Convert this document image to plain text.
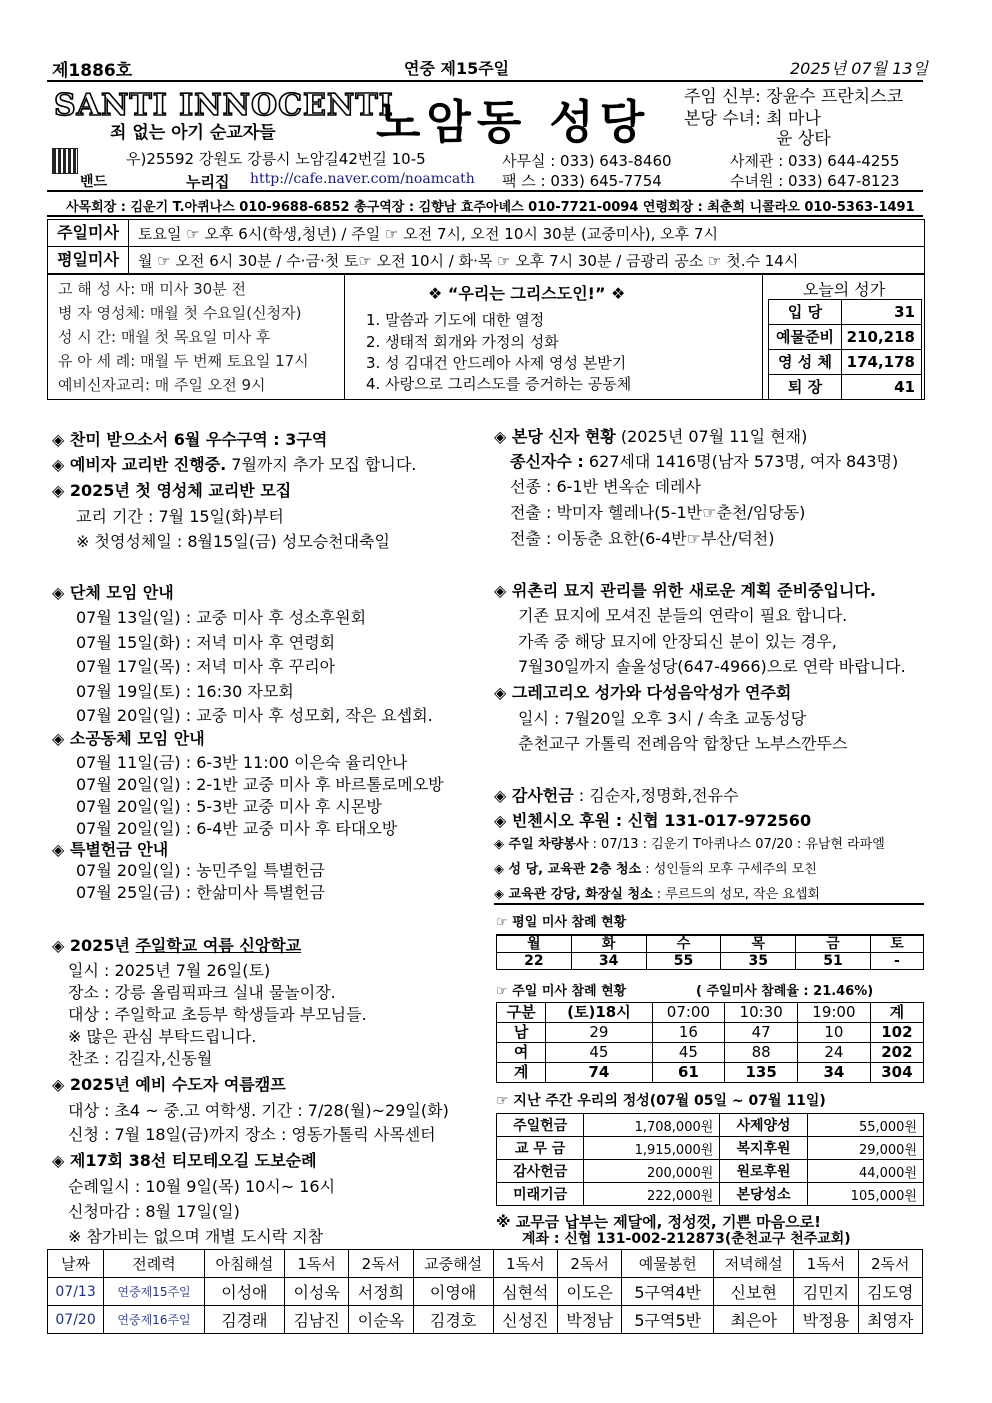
제1886호	연중 제15주일	2025년 07월 13일
SANTI INNOCENTI
죄 없는 아기 순교자들 노암동 성당 주임 신부: 장윤수 프란치스코
본당 수녀: 최 마나
윤 상타
밴드
우)25592 강원도 강릉시 노암길42번길 10-5
누리집 http://cafe.naver.com/noamcath
사무실 : 033) 643-8460
팩 스 : 033) 645-7754
사제관 : 033) 644-4255
수녀원 : 033) 647-8123
사목회장 : 김운기 T.아퀴나스 010-9688-6852 총구역장 : 김향남 효주아녜스 010-7721-0094 연령회장 : 최춘희 니콜라오 010-5363-1491
주일미사	토요일 ☞ 오후 6시(학생,청년) / 주일 ☞ 오전 7시, 오전 10시 30분 (교중미사), 오후 7시
평일미사	월 ☞ 오전 6시 30분 / 수·금·첫 토☞ 오전 10시 / 화·목 ☞ 오후 7시 30분 / 금광리 공소 ☞ 첫.수 14시
고 해 성 사: 매 미사 30분 전
병 자 영성체: 매월 첫 수요일(신청자)
성 시 간: 매월 첫 목요일 미사 후
유 아 세 례: 매월 두 번째 토요일 17시
예비신자교리: 매 주일 오전 9시
❖ “우리는 그리스도인!” ❖
1. 말씀과 기도에 대한 열정
2. 생태적 회개와 가정의 성화
3. 성 김대건 안드레아 사제 영성 본받기
4. 사랑으로 그리스도를 증거하는 공동체
오늘의 성가
입 당	31
예물준비 210,218
영 성 체 174,178
퇴 장	41
◈ 찬미 받으소서 6월 우수구역 : 3구역
◈ 예비자 교리반 진행중. 7월까지 추가 모집 합니다.
◈ 2025년 첫 영성체 교리반 모집
교리 기간 : 7월 15일(화)부터
※ 첫영성체일 : 8월15일(금) 성모승천대축일
◈ 단체 모임 안내
07월 13일(일) : 교중 미사 후 성소후원회
07월 15일(화) : 저녁 미사 후 연령회
07월 17일(목) : 저녁 미사 후 꾸리아
07월 19일(토) : 16:30 자모회
07월 20일(일) : 교중 미사 후 성모회, 작은 요셉회.
◈ 소공동체 모임 안내
07월 11일(금) : 6-3반 11:00 이은숙 율리안나
07월 20일(일) : 2-1반 교중 미사 후 바르톨로메오방
07월 20일(일) : 5-3반 교중 미사 후 시몬방
07월 20일(일) : 6-4반 교중 미사 후 타대오방
◈ 특별헌금 안내
07월 20일(일) : 농민주일 특별헌금
07월 25일(금) : 한삶미사 특별헌금
◈ 2025년 주일학교 여름 신앙학교
일시 : 2025년 7월 26일(토)
장소 : 강릉 올림픽파크 실내 물놀이장.
대상 : 주일학교 초등부 학생들과 부모님들.
※ 많은 관심 부탁드립니다.
찬조 : 김길자,신동월
◈ 2025년 예비 수도자 여름캠프
대상 : 초4 ~ 중.고 여학생. 기간 : 7/28(월)~29일(화)
신청 : 7월 18일(금)까지 장소 : 영동가톨릭 사목센터
◈ 제17회 38선 티모테오길 도보순례
순례일시 : 10월 9일(목) 10시~ 16시
신청마감 : 8월 17일(일)
※ 참가비는 없으며 개별 도시락 지참
◈ 본당 신자 현황 (2025년 07월 11일 현재)
종신자수 : 627세대 1416명(남자 573명, 여자 843명)
선종 : 6-1반 변옥순 데레사
전출 : 박미자 헬레나(5-1반☞춘천/임당동)
전출 : 이동춘 요한(6-4반☞부산/덕천)
◈ 위촌리 묘지 관리를 위한 새로운 계획 준비중입니다.
기존 묘지에 모셔진 분들의 연락이 필요 합니다.
가족 중 해당 묘지에 안장되신 분이 있는 경우,
7월30일까지 솔올성당(647-4966)으로 연락 바랍니다.
◈ 그레고리오 성가와 다성음악성가 연주회
일시 : 7월20일 오후 3시 / 속초 교동성당
춘천교구 가톨릭 전례음악 합창단 노부스깐뚜스
◈ 감사헌금 : 김순자,정명화,전유수
◈ 빈첸시오 후원 : 신협 131-017-972560
◈ 주일 차량봉사 : 07/13 : 김운기 T아퀴나스 07/20 : 유남현 라파엘
◈ 성 당, 교육관 2층 청소 : 성인들의 모후 구세주의 모친
◈ 교육관 강당, 화장실 청소 : 루르드의 성모, 작은 요셉회
☞ 평일 미사 참례 현황
월	화	수	목	금	토
22	34	55	35	51	-
☞ 주일 미사 참례 현황	( 주일미사 참례율 : 21.46%)
구분	(토)18시	07:00	10:30	19:00	계
남	29	16	47	10	102
여	45	45	88	24	202
계	74	61	135	34	304
☞ 지난 주간 우리의 정성(07월 05일 ~ 07월 11일)
주일헌금	1,708,000원	사제양성	55,000원
교 무 금	1,915,000원	복지후원	29,000원
감사헌금	200,000원	원로후원	44,000원
미래기금	222,000원	본당성소	105,000원
※ 교무금 납부는 제달에, 정성껏, 기쁜 마음으로!
계좌 : 신협 131-002-212873(춘천교구 천주교회)
날짜	전례력	아침해설	1독서	2독서	교중해설	1독서	2독서	예물봉헌	저녁해설	1독서	2독서
07/13	연중제15주일	이성애	이성욱	서정희	이영애	심현석	이도은	5구역4반	신보현	김민지	김도영
07/20	연중제16주일	김경래	김남진	이순옥	김경호	신성진	박정남	5구역5반	최은아	박정용	최영자
